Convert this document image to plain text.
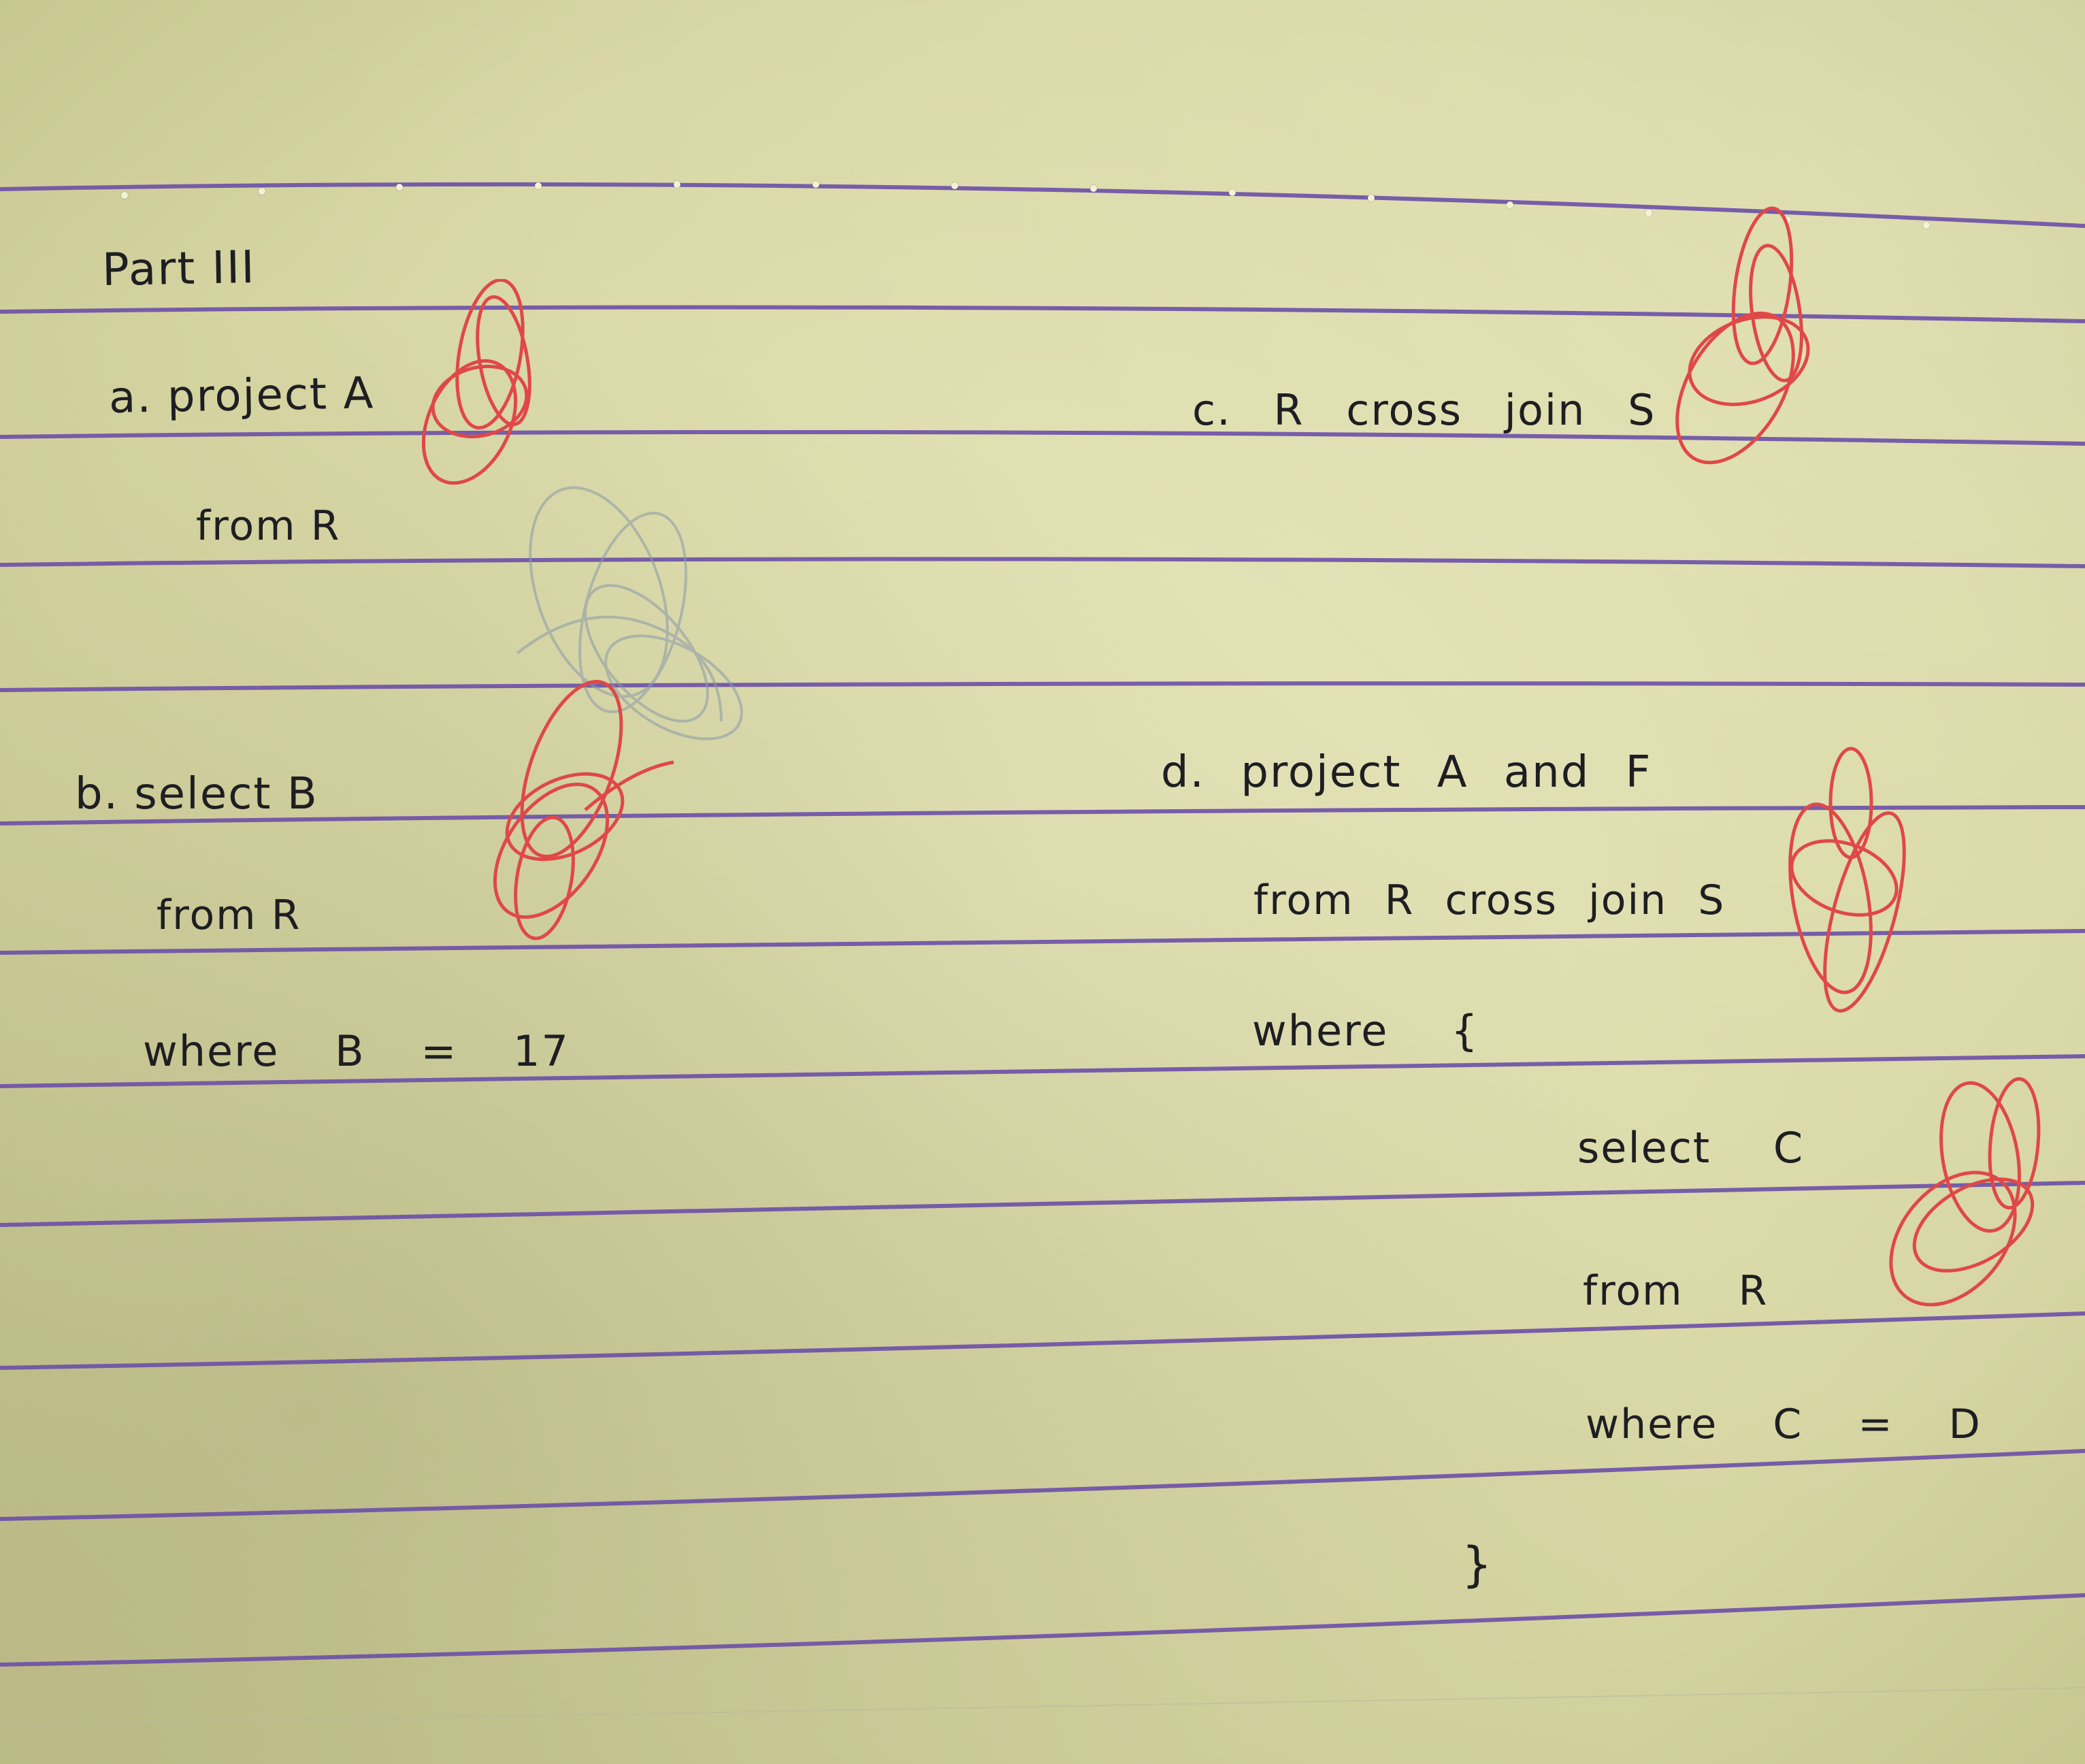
Part III
a. project A
from R
b. select B
from R
where B = 17
c. R cross join S
d. project A and F
from R cross join S
where {
select C
from R
where C = D
}
